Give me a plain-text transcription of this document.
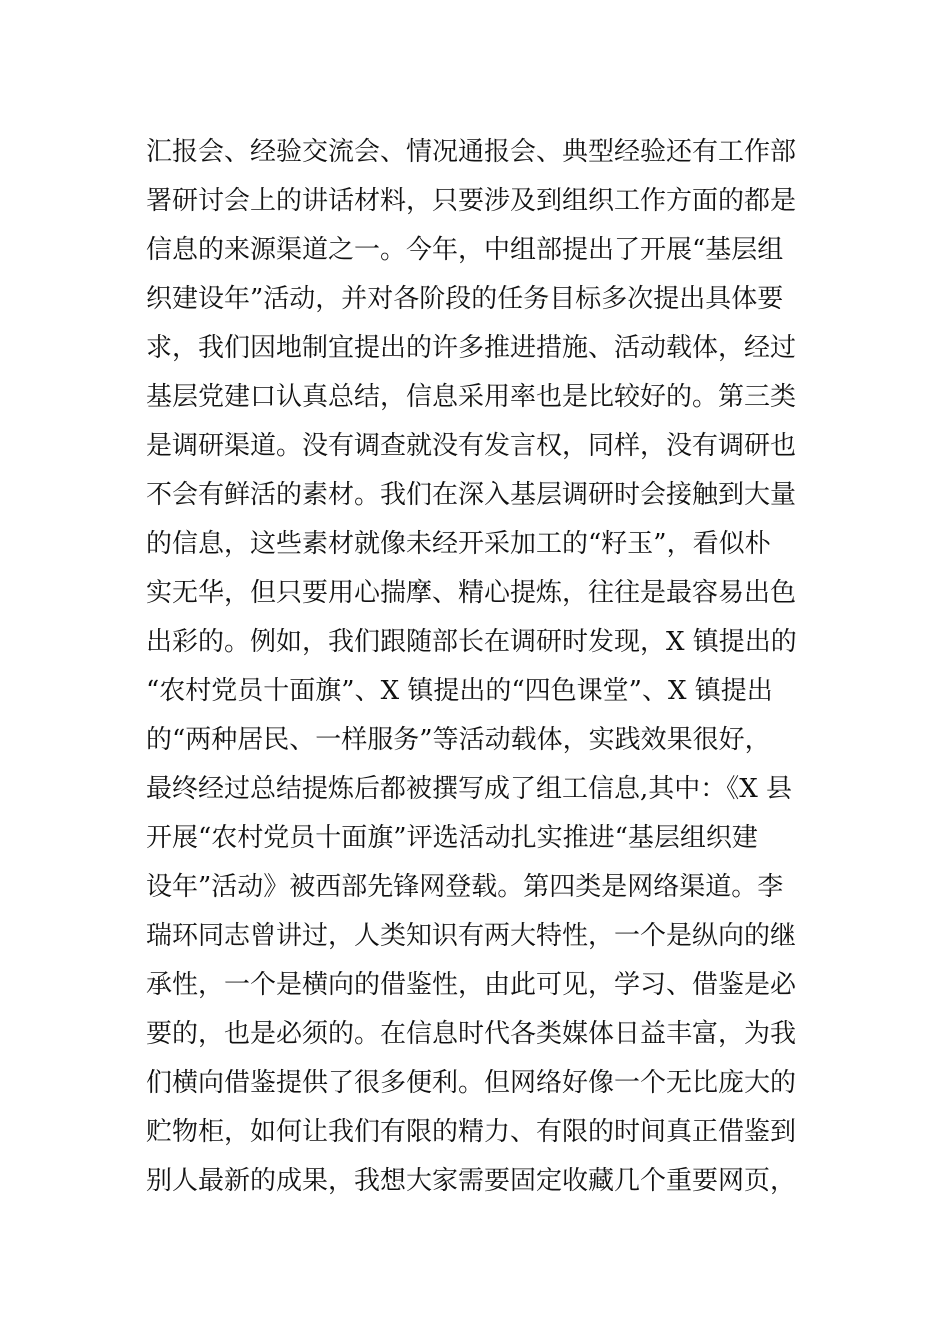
汇报会、经验交流会、情况通报会、典型经验还有工作部
署研讨会上的讲话材料，只要涉及到组织工作方面的都是
信息的来源渠道之一。今年，中组部提出了开展“基层组
织建设年”活动，并对各阶段的任务目标多次提出具体要
求，我们因地制宜提出的许多推进措施、活动载体，经过
基层党建口认真总结，信息采用率也是比较好的。第三类
是调研渠道。没有调查就没有发言权，同样，没有调研也
不会有鲜活的素材。我们在深入基层调研时会接触到大量
的信息，这些素材就像未经开采加工的“籽玉”，看似朴
实无华，但只要用心揣摩、精心提炼，往往是最容易出色
出彩的。例如，我们跟随部长在调研时发现，X 镇提出的
“农村党员十面旗”、X 镇提出的“四色课堂”、X 镇提出
的“两种居民、一样服务”等活动载体，实践效果很好，
最终经过总结提炼后都被撰写成了组工信息,其中：《X 县
开展“农村党员十面旗”评选活动扎实推进“基层组织建
设年”活动》被西部先锋网登载。第四类是网络渠道。李
瑞环同志曾讲过，人类知识有两大特性，一个是纵向的继
承性，一个是横向的借鉴性，由此可见，学习、借鉴是必
要的，也是必须的。在信息时代各类媒体日益丰富，为我
们横向借鉴提供了很多便利。但网络好像一个无比庞大的
贮物柜，如何让我们有限的精力、有限的时间真正借鉴到
别人最新的成果，我想大家需要固定收藏几个重要网页，
